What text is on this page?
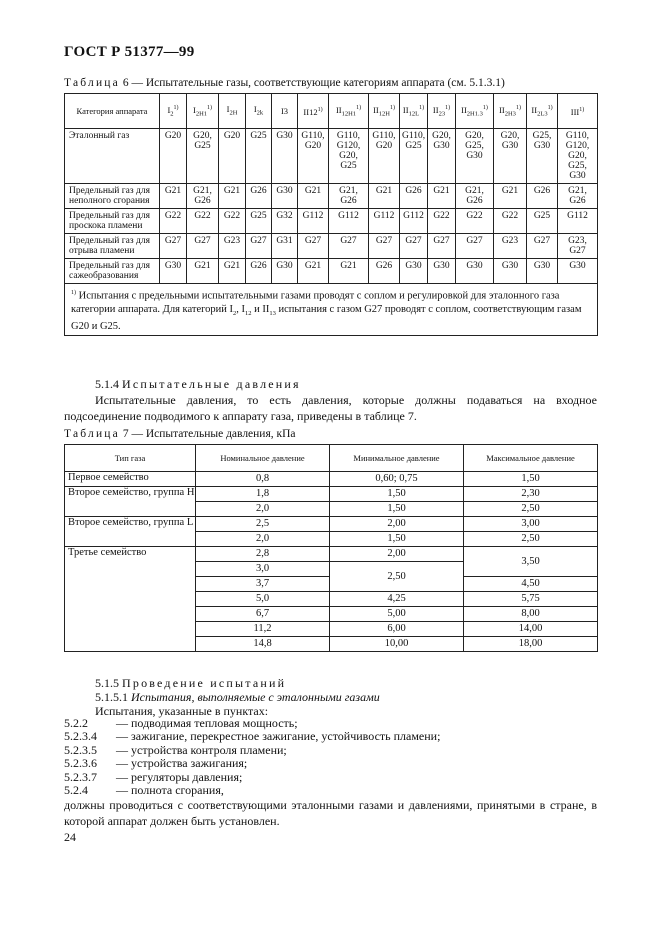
ГОСТ Р 51377—99
Таблица 6 — Испытательные газы, соответствующие категориям аппарата (см. 5.1.3.1)
Категория аппарата	$I_2^{1)}$	$I_{2H1}^{1)}$	$I_{2H}$	$I_{2k}$	I3	II12$^{1)}$	$II_{12H1}^{1)}$	$II_{12H}^{1)}$	$II_{12L}^{1)}$	$II_{23}^{1)}$	$II_{2H1.3}^{1)}$	$II_{2H3}^{1)}$	$II_{2L3}^{1)}$	III$^{1)}$
Эталонный газ	G20	G20, G25	G20	G25	G30	G110, G20	G110, G120, G20, G25	G110, G20	G110, G25	G20, G30	G20, G25, G30	G20, G30	G25, G30	G110, G120, G20, G25, G30
Предельный газ для неполного сгорания	G21	G21, G26	G21	G26	G30	G21	G21, G26	G21	G26	G21	G21, G26	G21	G26	G21, G26
Предельный газ для проскока пламени	G22	G22	G22	G25	G32	G112	G112	G112	G112	G22	G22	G22	G25	G112
Предельный газ для отрыва пламени	G27	G27	G23	G27	G31	G27	G27	G27	G27	G27	G27	G23	G27	G23, G27
Предельный газ для сажеобразования	G30	G21	G21	G26	G30	G21	G21	G26	G30	G30	G30	G30	G30	G30
$^{1)}$ Испытания с предельными испытательными газами проводят с соплом и регулировкой для эталонного газа категории аппарата. Для категорий $I_2$, $I_{12}$ и $II_{13}$ испытания с газом G27 проводят с соплом, соответствующим газам G20 и G25.														
5.1.4 Испытательные давления
Испытательные давления, то есть давления, которые должны подаваться на входное подсоединение подводимого к аппарату газа, приведены в таблице 7.
Таблица 7 — Испытательные давления, кПа
Тип газа	Номинальное давление	Минимальное давление	Максимальное давление
Первое семейство	0,8	0,60; 0,75	1,50
Второе семейство, группа Н	1,8	1,50	2,30
	2,0	1,50	2,50
Второе семейство, группа L	2,5	2,00	3,00
	2,0	1,50	2,50
Третье семейство	2,8	2,00	3,50
	3,0	2,50	
	3,7		4,50
	5,0	4,25	5,75
	6,7	5,00	8,00
	11,2	6,00	14,00
	14,8	10,00	18,00
5.1.5 Проведение испытаний
5.1.5.1 Испытания, выполняемые с эталонными газами
Испытания, указанные в пунктах:
5.2.2 — подводимая тепловая мощность;
5.2.3.4 — зажигание, перекрестное зажигание, устойчивость пламени;
5.2.3.5 — устройства контроля пламени;
5.2.3.6 — устройства зажигания;
5.2.3.7 — регуляторы давления;
5.2.4 — полнота сгорания,
должны проводиться с соответствующими эталонными газами и давлениями, принятыми в стране, в которой аппарат должен быть установлен.
24
